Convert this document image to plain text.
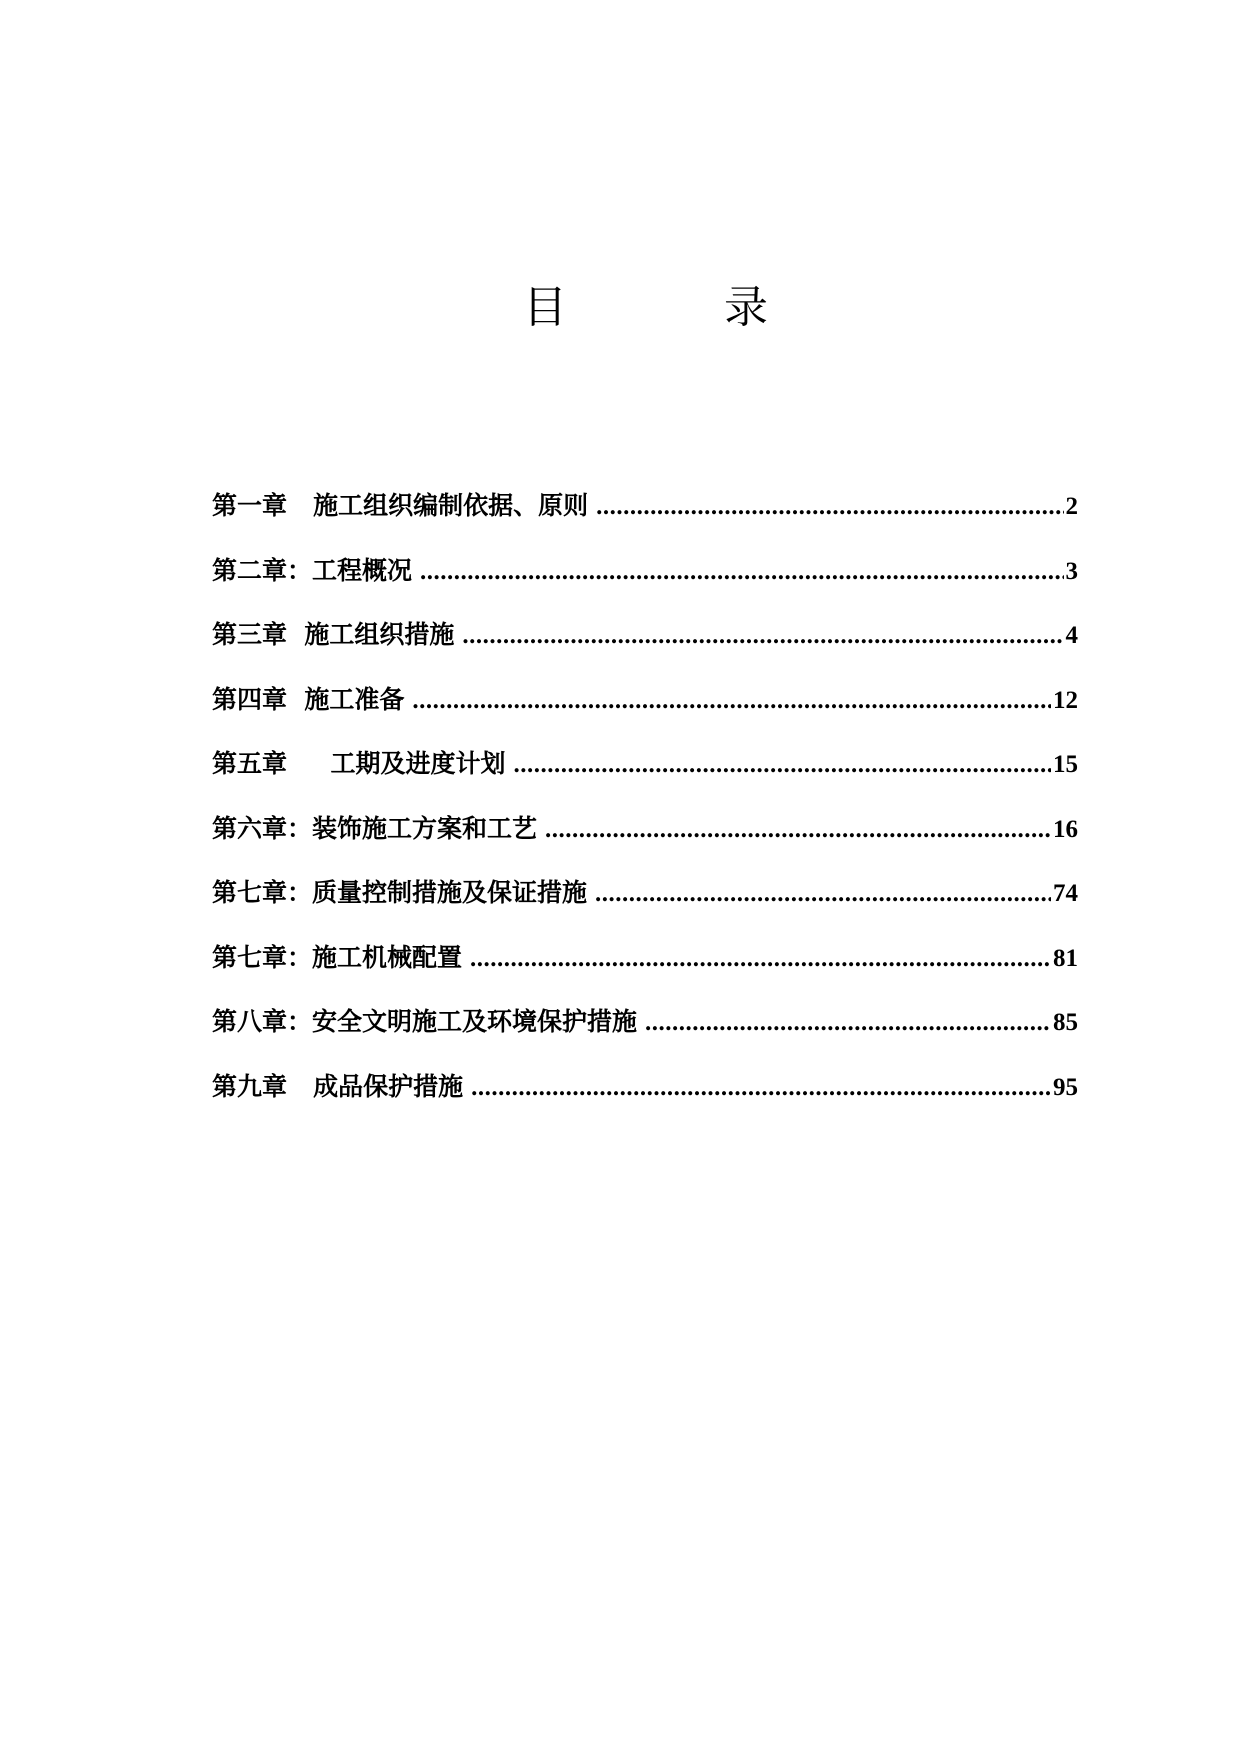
目	录
第一章   施工组织编制依据、原则 .....	2
第二章：工程概况 .....	3
第三章  施工组织措施 .....	4
第四章  施工准备 .....	12
第五章     工期及进度计划 .....	15
第六章：装饰施工方案和工艺 .....	16
第七章：质量控制措施及保证措施 .....	74
第七章：施工机械配置 .....	81
第八章：安全文明施工及环境保护措施 .....	85
第九章   成品保护措施 .....	95
